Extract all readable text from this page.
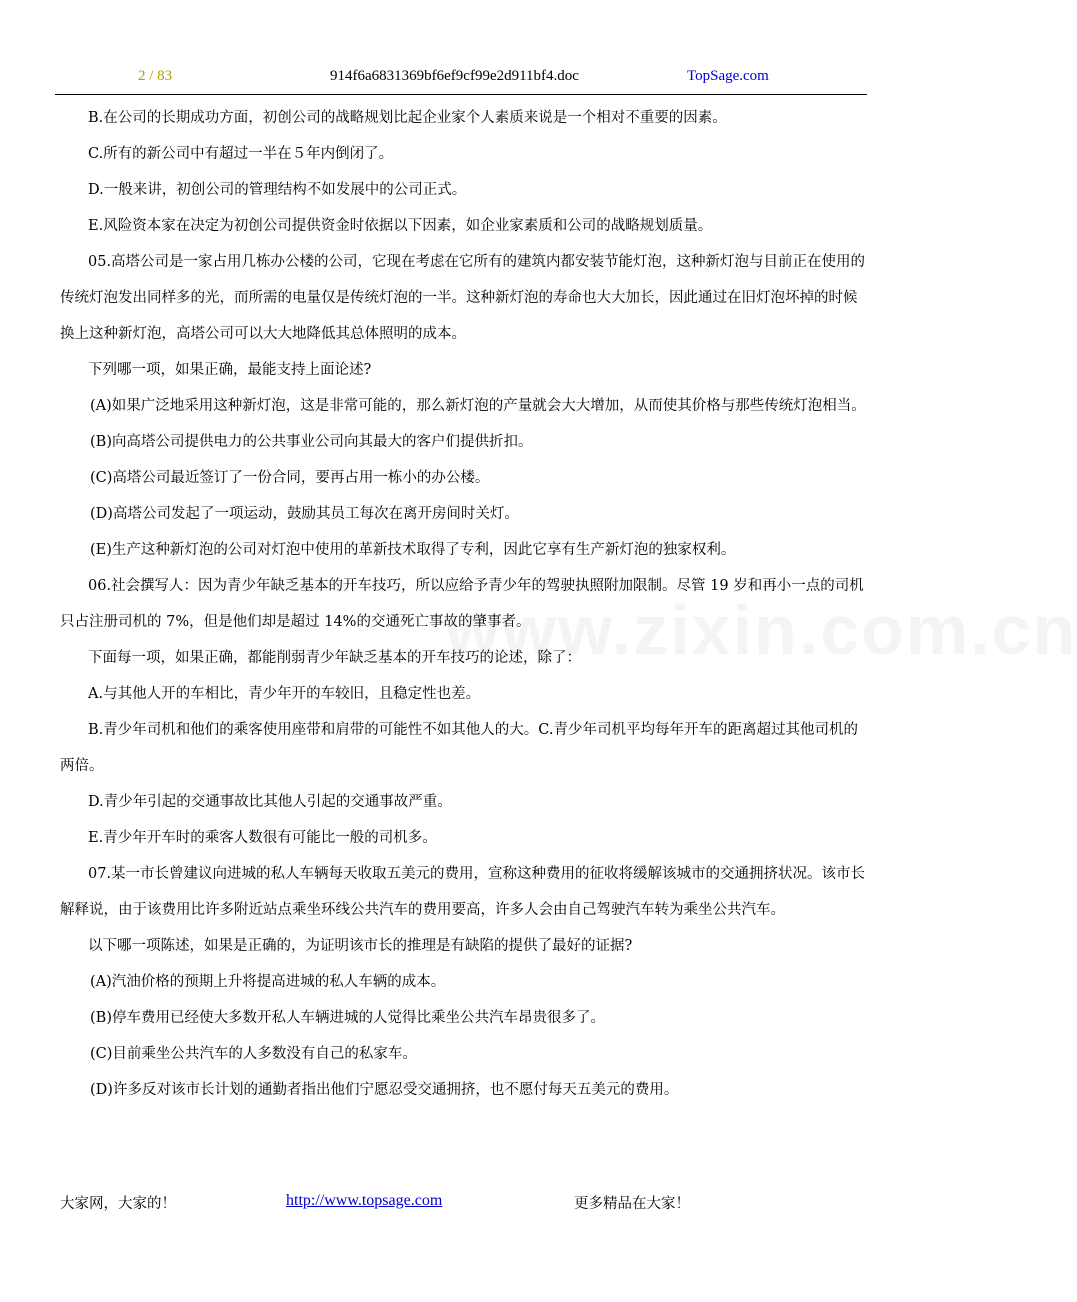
2 / 83	914f6a6831369bf6ef9cf99e2d911bf4.doc	TopSage.com
www.zixin.com.cn

B.在公司的长期成功方面，初创公司的战略规划比起企业家个人素质来说是一个相对不重要的因素。

C.所有的新公司中有超过一半在５年内倒闭了。

D.一般来讲，初创公司的管理结构不如发展中的公司正式。

E.风险资本家在决定为初创公司提供资金时依据以下因素，如企业家素质和公司的战略规划质量。

05.高塔公司是一家占用几栋办公楼的公司，它现在考虑在它所有的建筑内都安装节能灯泡，这种新灯泡与目前正在使用的传统灯泡发出同样多的光，而所需的电量仅是传统灯泡的一半。这种新灯泡的寿命也大大加长，因此通过在旧灯泡坏掉的时候换上这种新灯泡，高塔公司可以大大地降低其总体照明的成本。

下列哪一项，如果正确，最能支持上面论述?

(A)如果广泛地采用这种新灯泡，这是非常可能的，那么新灯泡的产量就会大大增加，从而使其价格与那些传统灯泡相当。

(B)向高塔公司提供电力的公共事业公司向其最大的客户们提供折扣。

(C)高塔公司最近签订了一份合同，要再占用一栋小的办公楼。

(D)高塔公司发起了一项运动，鼓励其员工每次在离开房间时关灯。

(E)生产这种新灯泡的公司对灯泡中使用的革新技术取得了专利，因此它享有生产新灯泡的独家权利。

06.社会撰写人：因为青少年缺乏基本的开车技巧，所以应给予青少年的驾驶执照附加限制。尽管 19 岁和再小一点的司机只占注册司机的 7%，但是他们却是超过 14%的交通死亡事故的肇事者。

下面每一项，如果正确，都能削弱青少年缺乏基本的开车技巧的论述，除了：

A.与其他人开的车相比，青少年开的车较旧，且稳定性也差。

B.青少年司机和他们的乘客使用座带和肩带的可能性不如其他人的大。C.青少年司机平均每年开车的距离超过其他司机的两倍。

D.青少年引起的交通事故比其他人引起的交通事故严重。

E.青少年开车时的乘客人数很有可能比一般的司机多。

07.某一市长曾建议向进城的私人车辆每天收取五美元的费用，宣称这种费用的征收将缓解该城市的交通拥挤状况。该市长解释说，由于该费用比许多附近站点乘坐环线公共汽车的费用要高，许多人会由自己驾驶汽车转为乘坐公共汽车。

以下哪一项陈述，如果是正确的，为证明该市长的推理是有缺陷的提供了最好的证据?

(A)汽油价格的预期上升将提高进城的私人车辆的成本。

(B)停车费用已经使大多数开私人车辆进城的人觉得比乘坐公共汽车昂贵很多了。

(C)目前乘坐公共汽车的人多数没有自己的私家车。

(D)许多反对该市长计划的通勤者指出他们宁愿忍受交通拥挤，也不愿付每天五美元的费用。

大家网，大家的！	http://www.topsage.com	更多精品在大家！
